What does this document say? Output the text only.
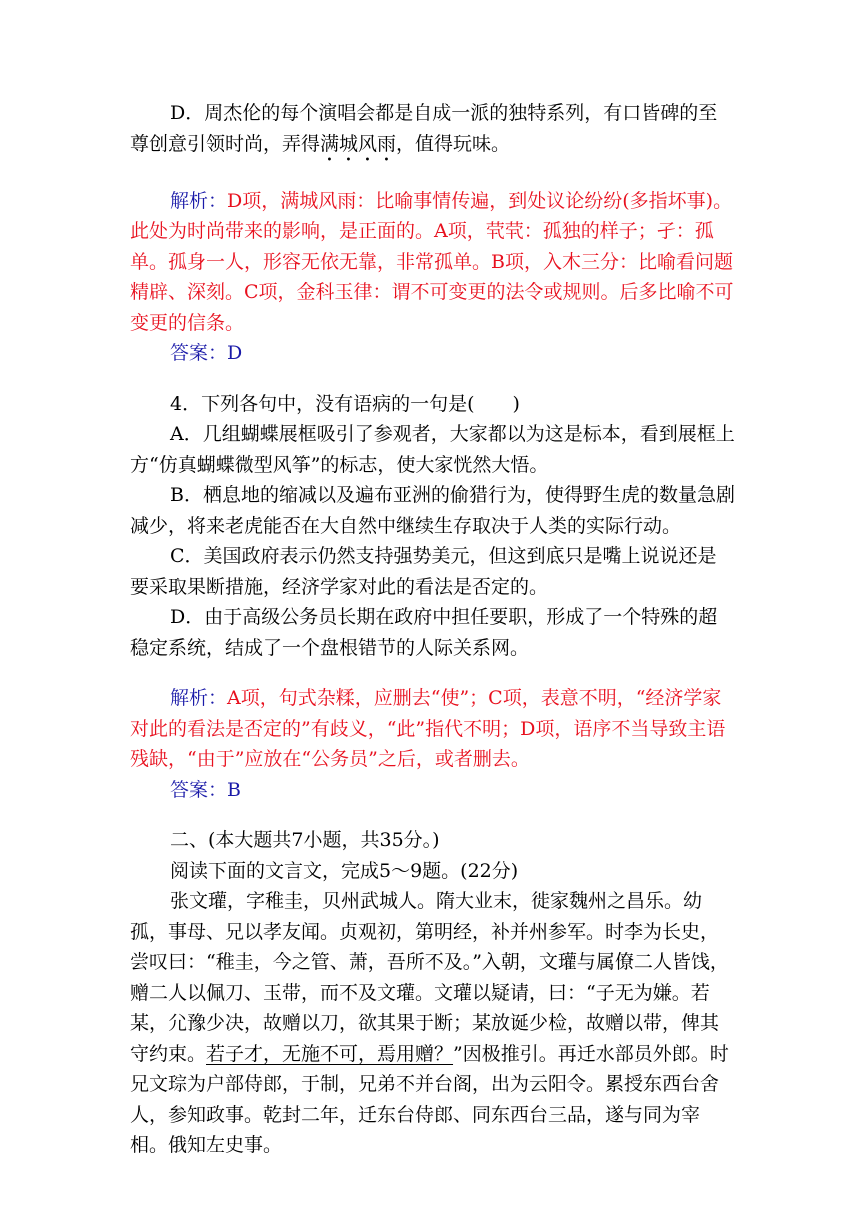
D．周杰伦的每个演唱会都是自成一派的独特系列，有口皆碑的至尊创意引领时尚，弄得满城风雨，值得玩味。

解析：D项，满城风雨：比喻事情传遍，到处议论纷纷(多指坏事)。此处为时尚带来的影响，是正面的。A项，茕茕：孤独的样子；孑：孤单。孤身一人，形容无依无靠，非常孤单。B项，入木三分：比喻看问题精辟、深刻。C项，金科玉律：谓不可变更的法令或规则。后多比喻不可变更的信条。

答案：D

4．下列各句中，没有语病的一句是(　　)

A．几组蝴蝶展框吸引了参观者，大家都以为这是标本，看到展框上方“仿真蝴蝶微型风筝”的标志，使大家恍然大悟。

B．栖息地的缩减以及遍布亚洲的偷猎行为，使得野生虎的数量急剧减少，将来老虎能否在大自然中继续生存取决于人类的实际行动。

C．美国政府表示仍然支持强势美元，但这到底只是嘴上说说还是要采取果断措施，经济学家对此的看法是否定的。

D．由于高级公务员长期在政府中担任要职，形成了一个特殊的超稳定系统，结成了一个盘根错节的人际关系网。

解析：A项，句式杂糅，应删去“使”；C项，表意不明，“经济学家对此的看法是否定的”有歧义，“此”指代不明；D项，语序不当导致主语残缺，“由于”应放在“公务员”之后，或者删去。

答案：B

二、(本大题共7小题，共35分。)

阅读下面的文言文，完成5～9题。(22分)

张文瓘，字稚圭，贝州武城人。隋大业末，徙家魏州之昌乐。幼孤，事母、兄以孝友闻。贞观初，第明经，补并州参军。时李为长史，尝叹曰：“稚圭，今之管、萧，吾所不及。”入朝，文瓘与属僚二人皆饯，赠二人以佩刀、玉带，而不及文瓘。文瓘以疑请，曰：“子无为嫌。若某，尣豫少决，故赠以刀，欲其果于断；某放诞少检，故赠以带，俾其守约束。若子才，无施不可，焉用赠？”因极推引。再迁水部员外郎。时兄文琮为户部侍郎，于制，兄弟不并台阁，出为云阳令。累授东西台舍人，参知政事。乾封二年，迁东台侍郎、同东西台三品，遂与同为宰相。俄知左史事。
